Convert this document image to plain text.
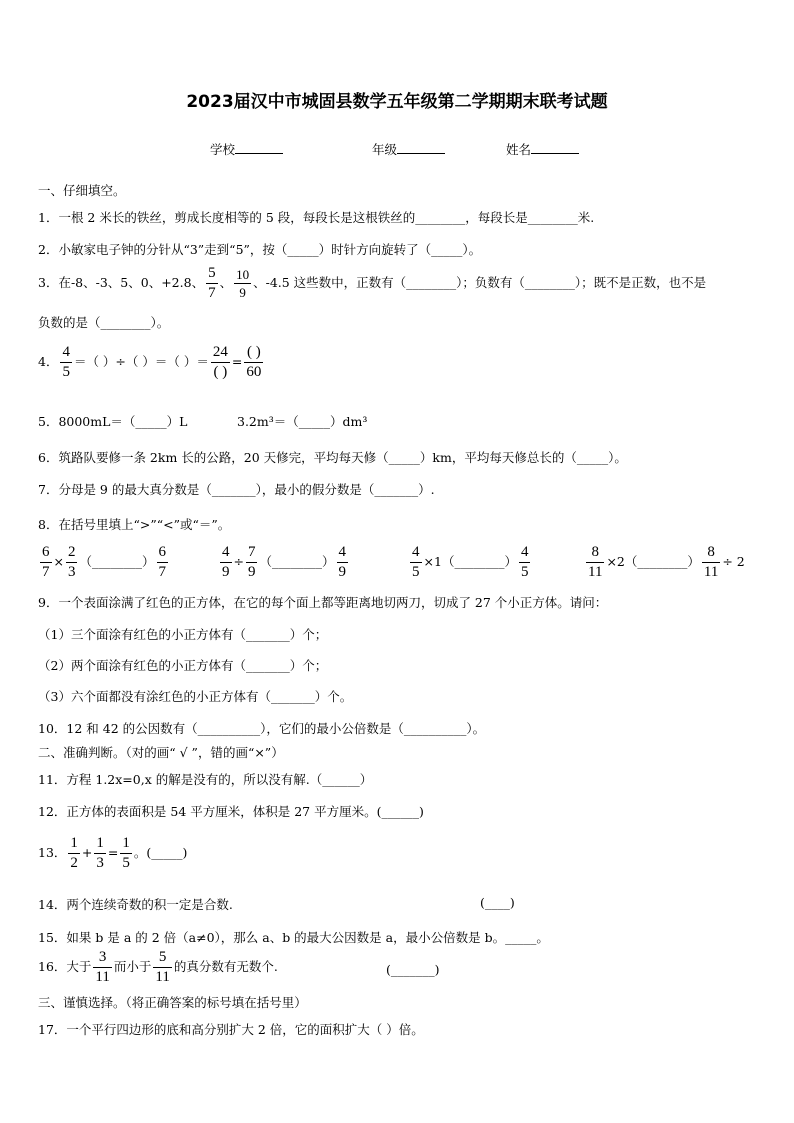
2023届汉中市城固县数学五年级第二学期期末联考试题
学校	年级	姓名
一、仔细填空。
1．一根 2 米长的铁丝，剪成长度相等的 5 段，每段长是这根铁丝的________，每段长是________米.
2．小敏家电子钟的分针从“3”走到“5”，按（_____）时针方向旋转了（_____）。
3．在-8、-3、5、0、+2.8、 $\frac{5}{7}$ 、 $\frac{10}{9}$ 、-4.5 这些数中，正数有（________）；负数有（________）；既不是正数，也不是
负数的是（________）。
4． $\frac{4}{5}$ ＝（ ）÷（ ）＝（ ）＝ $\frac{24}{( )} = \frac{( )}{60}$
5．8000mL＝（_____）L	3.2m³＝（_____）dm³
6．筑路队要修一条 2km 长的公路，20 天修完，平均每天修（_____）km，平均每天修总长的（_____）。
7．分母是 9 的最大真分数是（_______），最小的假分数是（_______）.
8．在括号里填上“>”“<”或“＝”。
$\frac{6}{7} \times \frac{2}{3}$ （________） $\frac{6}{7}$	$\frac{4}{9} \div \frac{7}{9}$ （________） $\frac{4}{9}$	$\frac{4}{5}$ ×1（________） $\frac{4}{5}$	$\frac{8}{11}$ ×2（________） $\frac{8}{11} \div 2$
9．一个表面涂满了红色的正方体，在它的每个面上都等距离地切两刀，切成了 27 个小正方体。请问：
（1）三个面涂有红色的小正方体有（_______）个；
（2）两个面涂有红色的小正方体有（_______）个；
（3）六个面都没有涂红色的小正方体有（_______）个。
10．12 和 42 的公因数有（__________），它们的最小公倍数是（__________）。
二、准确判断。（对的画“ √ ”，错的画“×”）
11．方程 1.2x=0,x 的解是没有的，所以没有解.（______）
12．正方体的表面积是 54 平方厘米，体积是 27 平方厘米。(______)
13． $\frac{1}{2} + \frac{1}{3} = \frac{1}{5}$ 。(_____)
14．两个连续奇数的积一定是合数.	(____)
15．如果 b 是 a 的 2 倍（a≠0），那么 a、b 的最大公因数是 a，最小公倍数是 b。_____。
16．大于 $\frac{3}{11}$ 而小于 $\frac{5}{11}$ 的真分数有无数个.	(_______)
三、谨慎选择。（将正确答案的标号填在括号里）
17．一个平行四边形的底和高分别扩大 2 倍，它的面积扩大（ ）倍。
